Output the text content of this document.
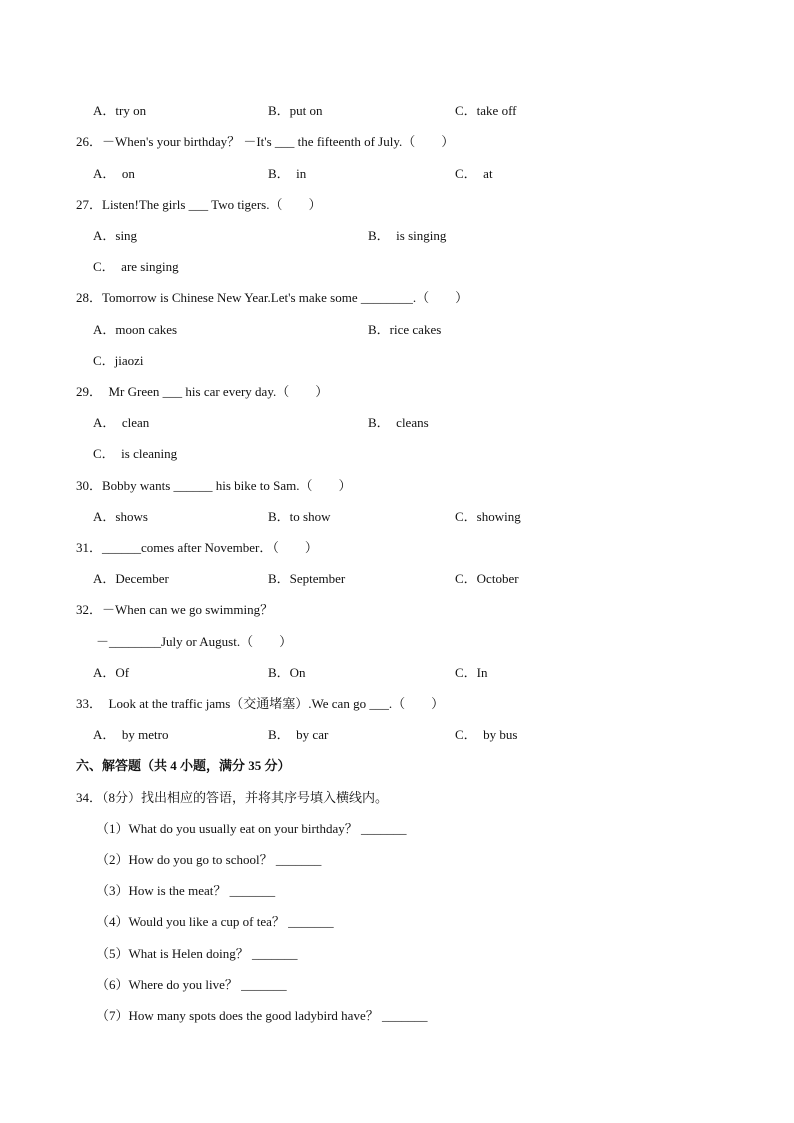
A．try on	B．put on	C．take off
26．－When's your birthday？ －It's ___ the fifteenth of July.（　　）
A．　on	B．　in	C．　at
27．Listen!The girls ___ Two tigers.（　　）
A．sing	B．　is singing
C．　are singing
28．Tomorrow is Chinese New Year.Let's make some ________.（　　）
A．moon cakes	B．rice cakes
C．jiaozi
29．　Mr Green ___ his car every day.（　　）
A．　clean	B．　cleans
C．　is cleaning
30．Bobby wants ______ his bike to Sam.（　　）
A．shows	B．to show	C．showing
31．______comes after November．（　　）
A．December	B．September	C．October
32．－When can we go swimming？
－________July or August.（　　）
A．Of	B．On	C．In
33．　Look at the traffic jams（交通堵塞）.We can go ___.（　　）
A．　by metro	B．　by car	C．　by bus
六、解答题（共 4 小题，满分 35 分）
34．（8分）找出相应的答语，并将其序号填入横线内。
（1）What do you usually eat on your birthday？ _______
（2）How do you go to school？ _______
（3）How is the meat？ _______
（4）Would you like a cup of tea？ _______
（5）What is Helen doing？ _______
（6）Where do you live？ _______
（7）How many spots does the good ladybird have？ _______
